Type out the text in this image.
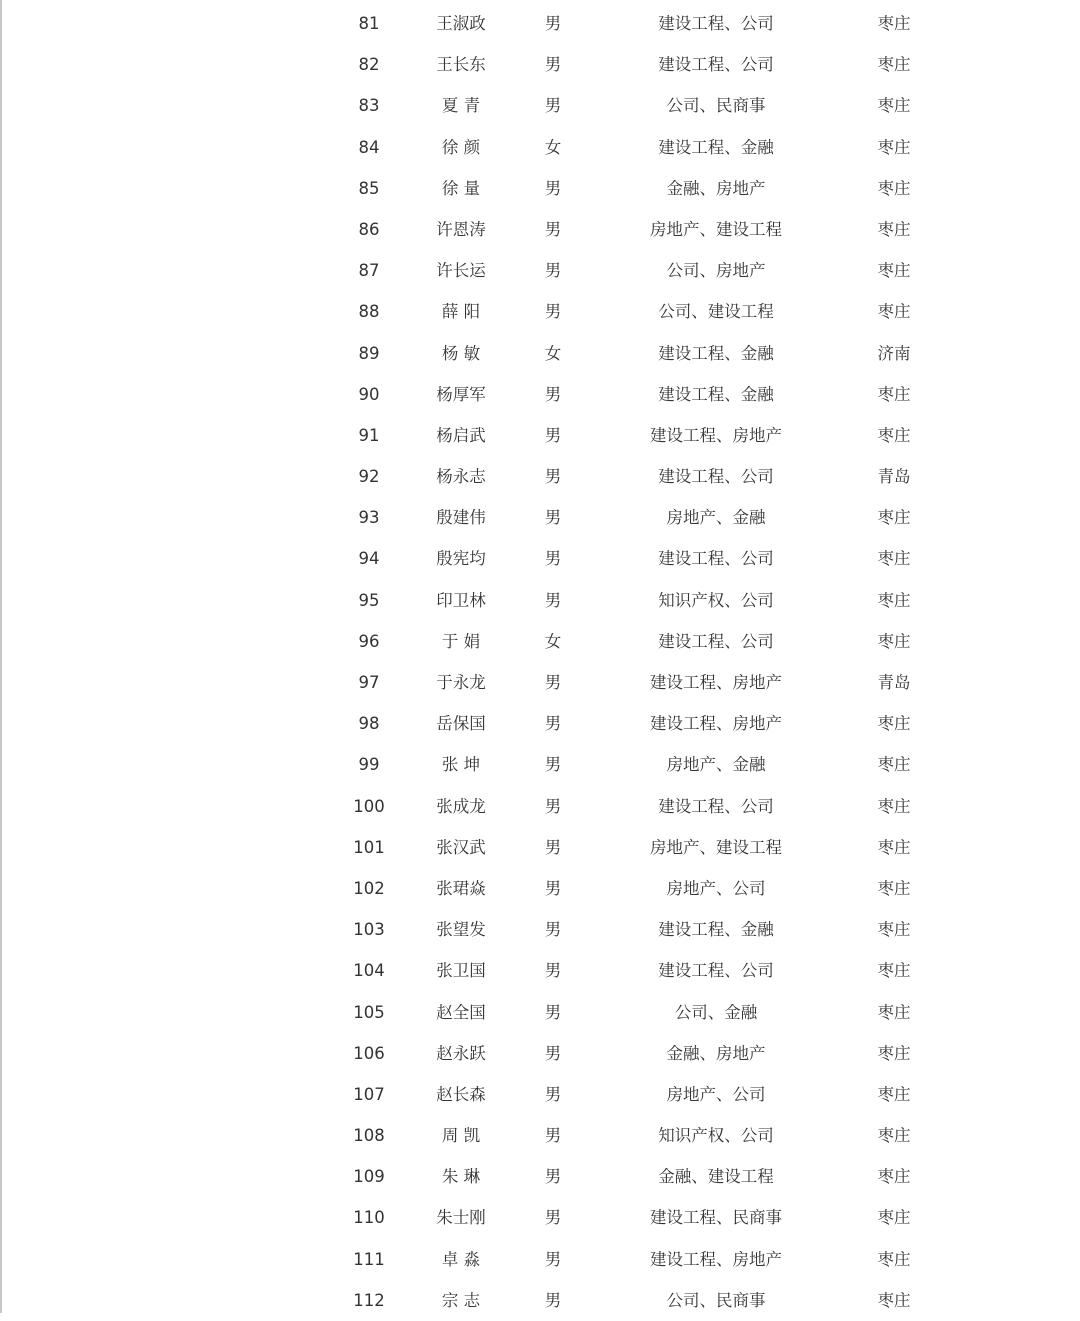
81	王淑政	男	建设工程、公司	枣庄
82	王长东	男	建设工程、公司	枣庄
83	夏 青	男	公司、民商事	枣庄
84	徐 颜	女	建设工程、金融	枣庄
85	徐 量	男	金融、房地产	枣庄
86	许恩涛	男	房地产、建设工程	枣庄
87	许长运	男	公司、房地产	枣庄
88	薛 阳	男	公司、建设工程	枣庄
89	杨 敏	女	建设工程、金融	济南
90	杨厚军	男	建设工程、金融	枣庄
91	杨启武	男	建设工程、房地产	枣庄
92	杨永志	男	建设工程、公司	青岛
93	殷建伟	男	房地产、金融	枣庄
94	殷宪均	男	建设工程、公司	枣庄
95	印卫林	男	知识产权、公司	枣庄
96	于 娟	女	建设工程、公司	枣庄
97	于永龙	男	建设工程、房地产	青岛
98	岳保国	男	建设工程、房地产	枣庄
99	张 坤	男	房地产、金融	枣庄
100	张成龙	男	建设工程、公司	枣庄
101	张汉武	男	房地产、建设工程	枣庄
102	张珺焱	男	房地产、公司	枣庄
103	张望发	男	建设工程、金融	枣庄
104	张卫国	男	建设工程、公司	枣庄
105	赵全国	男	公司、金融	枣庄
106	赵永跃	男	金融、房地产	枣庄
107	赵长森	男	房地产、公司	枣庄
108	周 凯	男	知识产权、公司	枣庄
109	朱 琳	男	金融、建设工程	枣庄
110	朱士刚	男	建设工程、民商事	枣庄
111	卓 淼	男	建设工程、房地产	枣庄
112	宗 志	男	公司、民商事	枣庄
